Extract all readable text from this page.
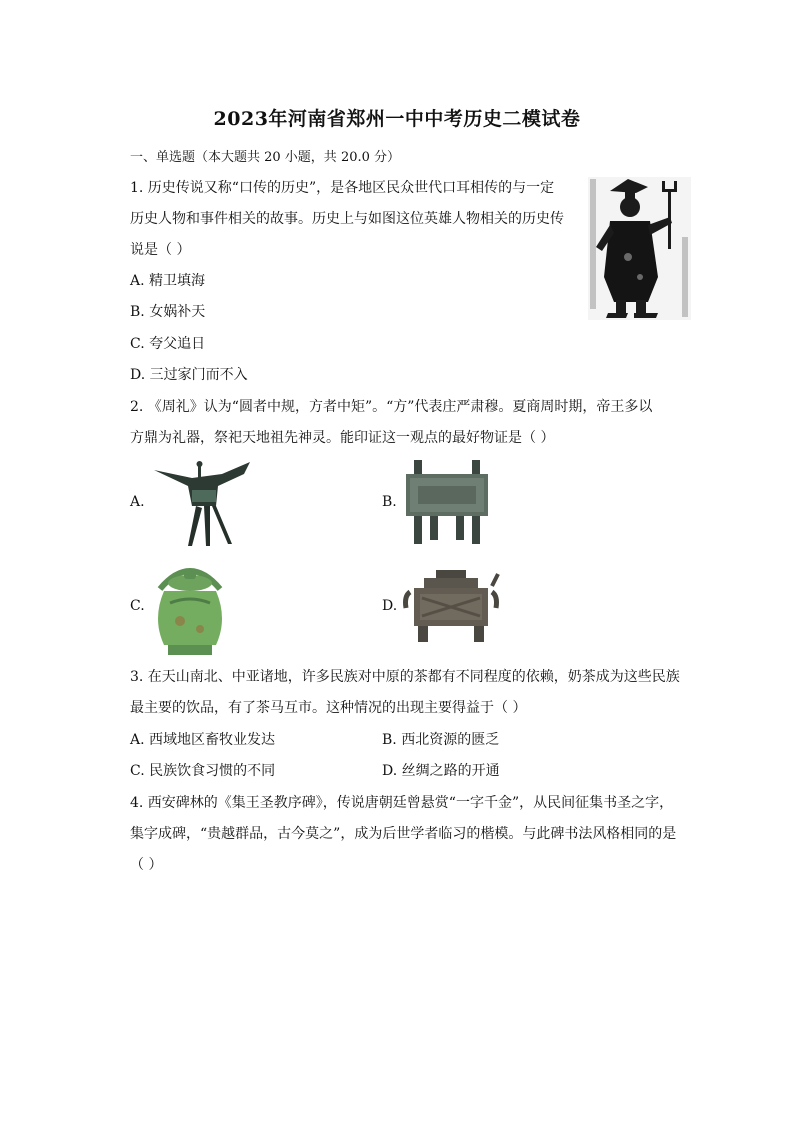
2023年河南省郑州一中中考历史二模试卷
一、单选题（本大题共 20 小题，共 20.0 分）
1. 历史传说又称“口传的历史”，是各地区民众世代口耳相传的与一定
历史人物和事件相关的故事。历史上与如图这位英雄人物相关的历史传
说是（ ）
A. 精卫填海
B. 女娲补天
C. 夸父追日
D. 三过家门而不入
2. 《周礼》认为“圆者中规，方者中矩”。“方”代表庄严肃穆。夏商周时期，帝王多以
方鼎为礼器，祭祀天地祖先神灵。能印证这一观点的最好物证是（ ）
A.	B.
C.	D.
3. 在天山南北、中亚诸地，许多民族对中原的茶都有不同程度的依赖，奶茶成为这些民族
最主要的饮品，有了茶马互市。这种情况的出现主要得益于（ ）
A. 西域地区畜牧业发达	B. 西北资源的匮乏
C. 民族饮食习惯的不同	D. 丝绸之路的开通
4. 西安碑林的《集王圣教序碑》，传说唐朝廷曾悬赏“一字千金”，从民间征集书圣之字，
集字成碑，“贵越群品，古今莫之”，成为后世学者临习的楷模。与此碑书法风格相同的是
（ ）
